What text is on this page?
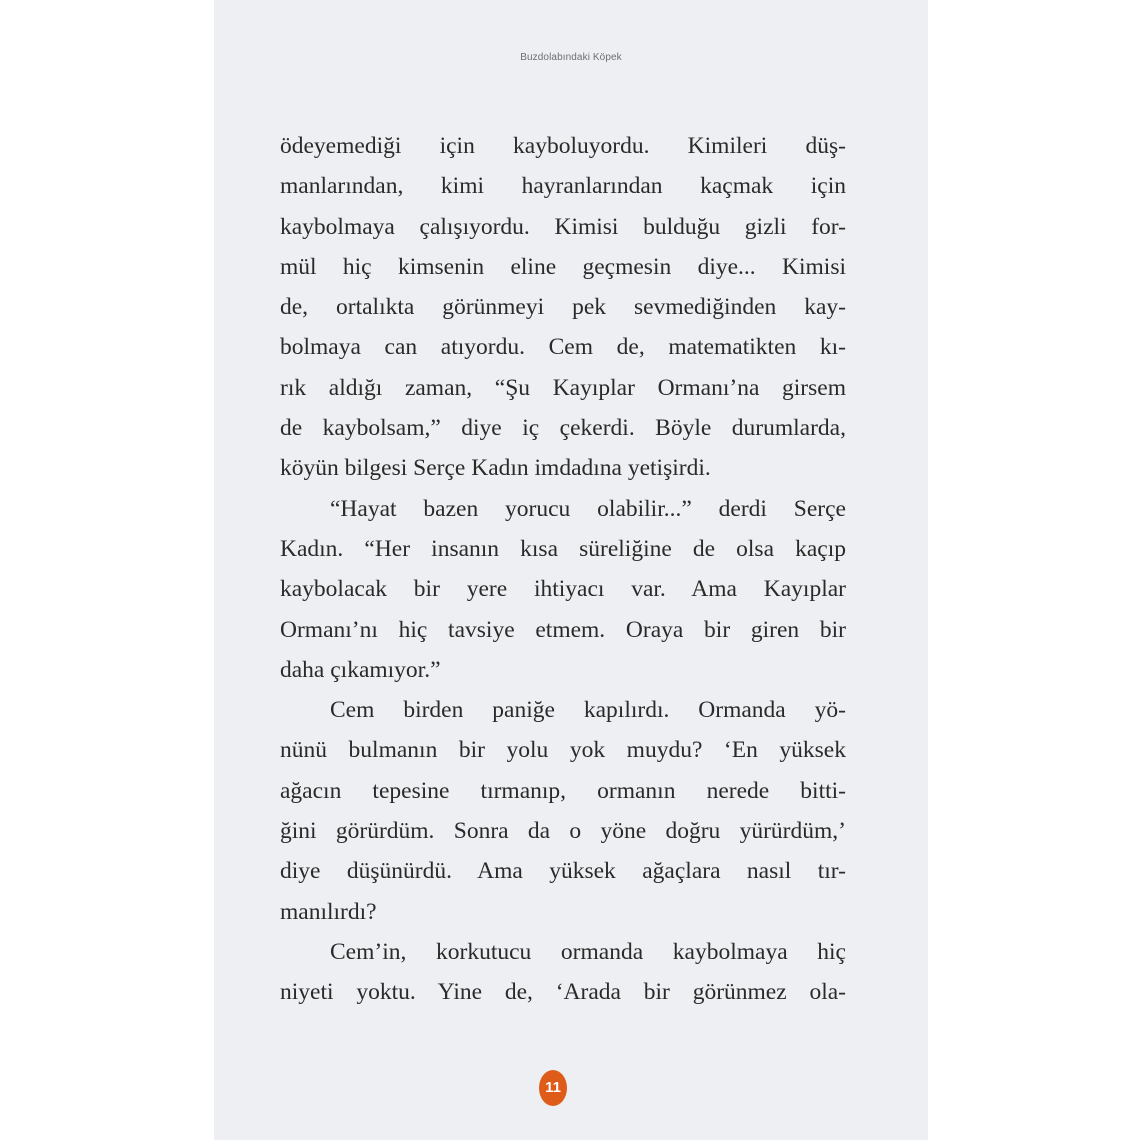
Buzdolabındaki Köpek
ödeyemediği için kayboluyordu. Kimileri düş-
manlarından, kimi hayranlarından kaçmak için
kaybolmaya çalışıyordu. Kimisi bulduğu gizli for-
mül hiç kimsenin eline geçmesin diye... Kimisi
de, ortalıkta görünmeyi pek sevmediğinden kay-
bolmaya can atıyordu. Cem de, matematikten kı-
rık aldığı zaman, “Şu Kayıplar Ormanı’na girsem
de kaybolsam,” diye iç çekerdi. Böyle durumlarda,
köyün bilgesi Serçe Kadın imdadına yetişirdi.
“Hayat bazen yorucu olabilir...” derdi Serçe
Kadın. “Her insanın kısa süreliğine de olsa kaçıp
kaybolacak bir yere ihtiyacı var. Ama Kayıplar
Ormanı’nı hiç tavsiye etmem. Oraya bir giren bir
daha çıkamıyor.”
Cem birden paniğe kapılırdı. Ormanda yö-
nünü bulmanın bir yolu yok muydu? ‘En yüksek
ağacın tepesine tırmanıp, ormanın nerede bitti-
ğini görürdüm. Sonra da o yöne doğru yürürdüm,’
diye düşünürdü. Ama yüksek ağaçlara nasıl tır-
manılırdı?
Cem’in, korkutucu ormanda kaybolmaya hiç
niyeti yoktu. Yine de, ‘Arada bir görünmez ola-
11
